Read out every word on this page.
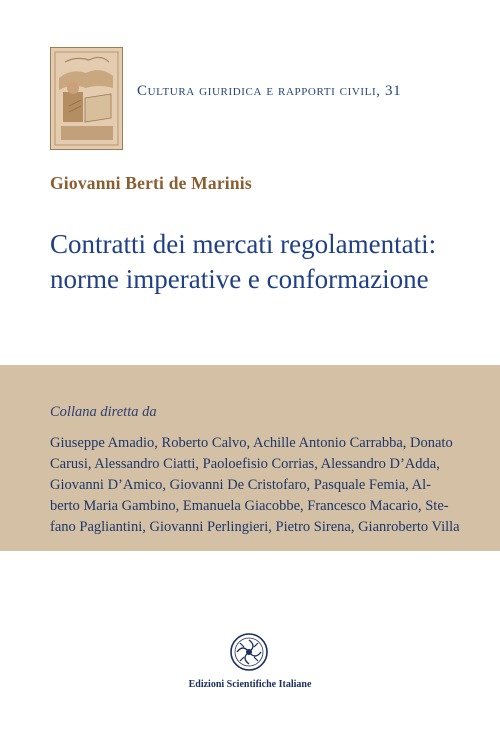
Cultura giuridica e rapporti civili, 31
Giovanni Berti de Marinis
Contratti dei mercati regolamentati:
norme imperative e conformazione
Collana diretta da
Giuseppe Amadio, Roberto Calvo, Achille Antonio Carrabba, Donato
Carusi, Alessandro Ciatti, Paoloefisio Corrias, Alessandro D’Adda,
Giovanni D’Amico, Giovanni De Cristofaro, Pasquale Femia, Al-
berto Maria Gambino, Emanuela Giacobbe, Francesco Macario, Ste-
fano Pagliantini, Giovanni Perlingieri, Pietro Sirena, Gianroberto Villa
Edizioni Scientifiche Italiane
